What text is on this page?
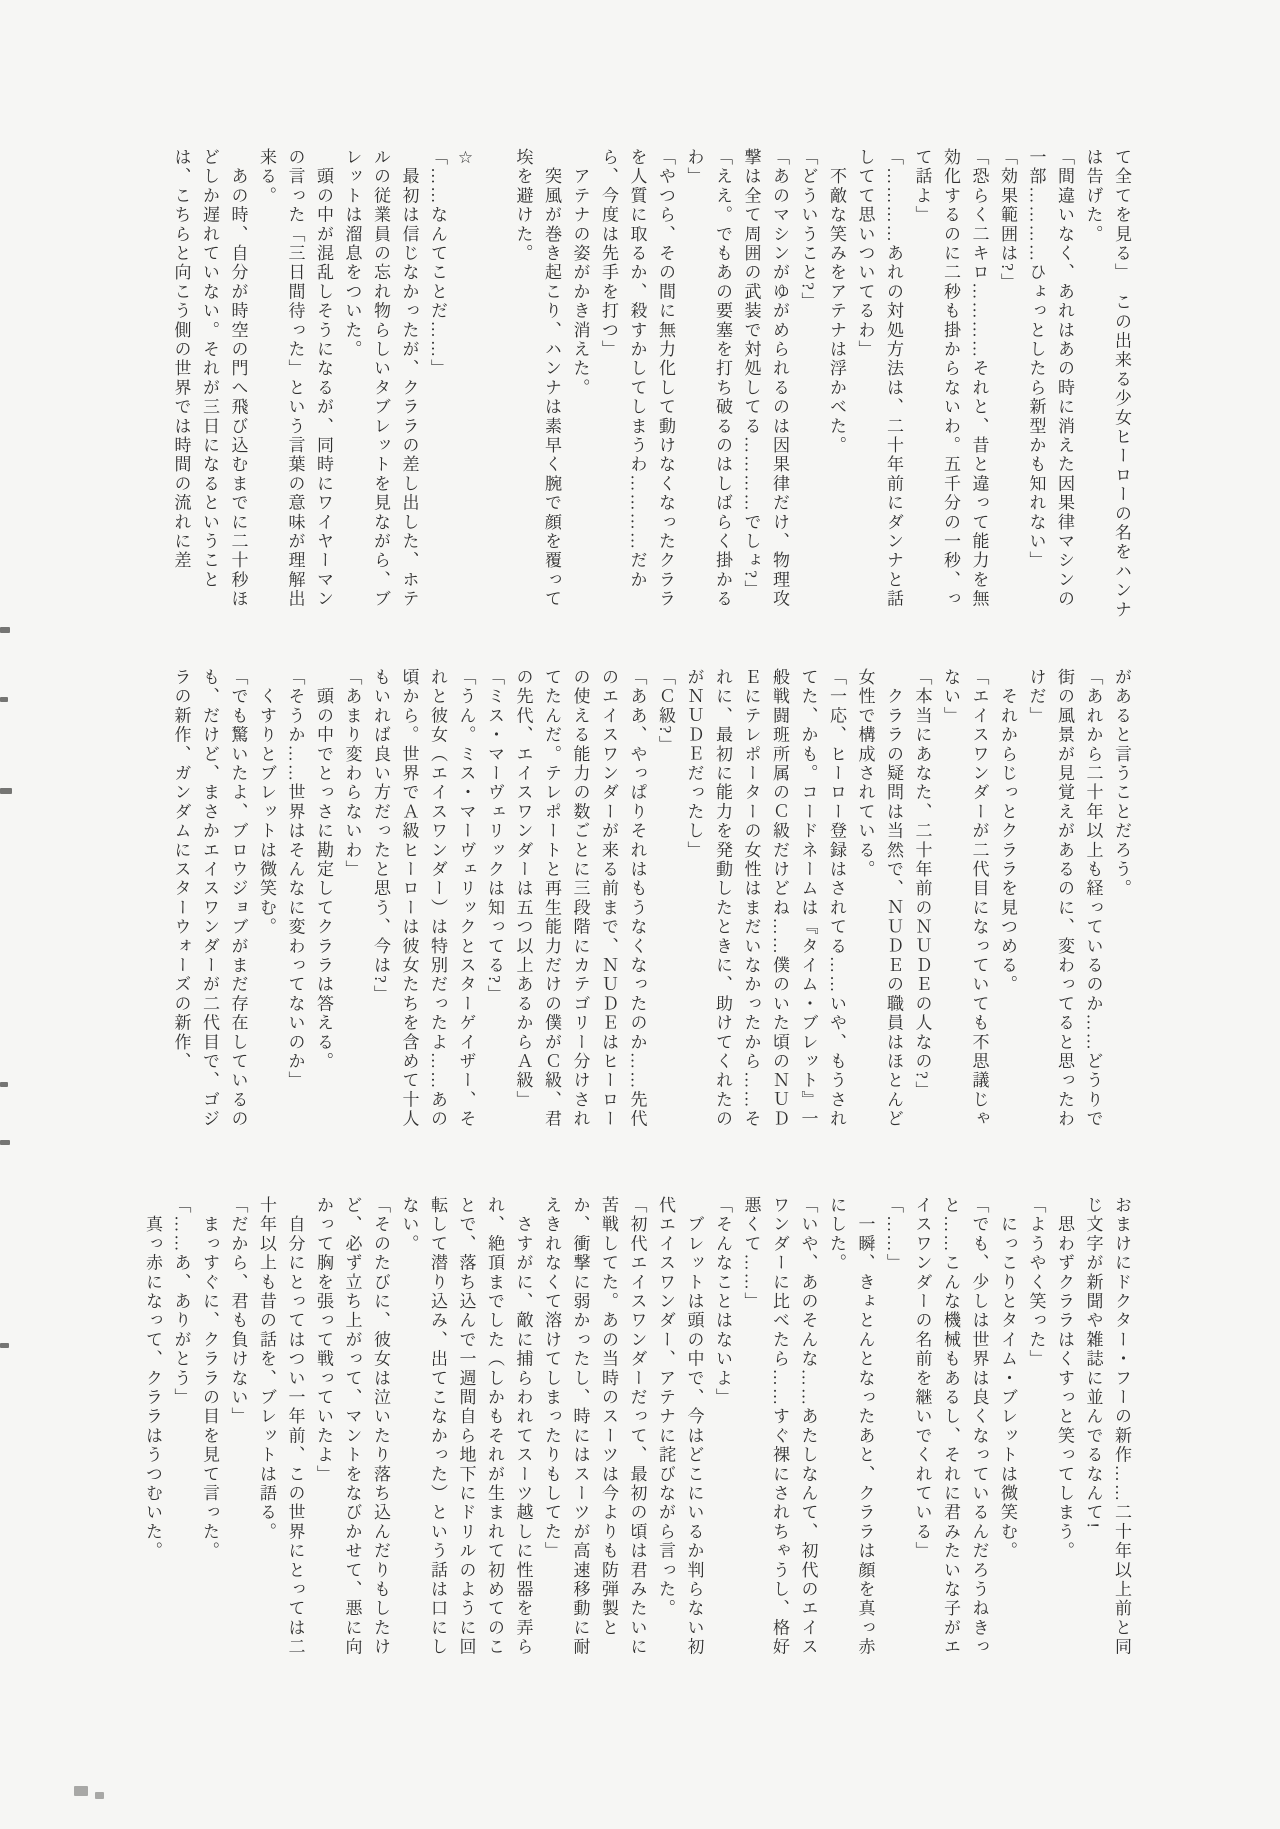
て全てを見る」　この出来る少女ヒーローの名をハンナは告げた。

「間違いなく、あれはあの時に消えた因果律マシンの一部…………ひょっとしたら新型かも知れない」

「効果範囲は?」

「恐らく二キロ…………それと、昔と違って能力を無効化するのに二秒も掛からないわ。五千分の一秒、って話よ」

「…………あれの対処方法は、二十年前にダンナと話してて思いついてるわ」

　不敵な笑みをアテナは浮かべた。

「どういうこと?」

「あのマシンがゆがめられるのは因果律だけ、物理攻撃は全て周囲の武装で対処してる…………でしょ?」

「ええ。でもあの要塞を打ち破るのはしばらく掛かるわ」

「やつら、その間に無力化して動けなくなったクララを人質に取るか、殺すかしてしまうわ…………だから、今度は先手を打つ」

　アテナの姿がかき消えた。

　突風が巻き起こり、ハンナは素早く腕で顔を覆って埃を避けた。

☆

「……なんてことだ……」

　最初は信じなかったが、クララの差し出した、ホテルの従業員の忘れ物らしいタブレットを見ながら、ブレットは溜息をついた。

　頭の中が混乱しそうになるが、同時にワイヤーマンの言った「三日間待った」という言葉の意味が理解出来る。

　あの時、自分が時空の門へ飛び込むまでに二十秒ほどしか遅れていない。それが三日になるということは、こちらと向こう側の世界では時間の流れに差

があると言うことだろう。

「あれから二十年以上も経っているのか……どうりで街の風景が見覚えがあるのに、変わってると思ったわけだ」

　それからじっとクララを見つめる。

「エイスワンダーが二代目になっていても不思議じゃない」

「本当にあなた、二十年前のＮＵＤＥの人なの?」

　クララの疑問は当然で、ＮＵＤＥの職員はほとんど女性で構成されている。

「一応、ヒーロー登録はされてる……いや、もうされてた、かも。コードネームは『タイム・ブレット』一般戦闘班所属のＣ級だけどね……僕のいた頃のＮＵＤＥにテレポーターの女性はまだいなかったから……それに、最初に能力を発動したときに、助けてくれたのがＮＵＤＥだったし」

「Ｃ級?」

「ああ、やっぱりそれはもうなくなったのか……先代のエイスワンダーが来る前まで、ＮＵＤＥはヒーローの使える能力の数ごとに三段階にカテゴリー分けされてたんだ。テレポートと再生能力だけの僕がＣ級、君の先代、エイスワンダーは五つ以上あるからＡ級」

「ミス・マーヴェリックは知ってる?」

「うん。ミス・マーヴェリックとスターゲイザー、それと彼女（エイスワンダー）は特別だったよ……あの頃から。世界でＡ級ヒーローは彼女たちを含めて十人もいれば良い方だったと思う、今は?」

「あまり変わらないわ」

　頭の中でとっさに勘定してクララは答える。

「そうか……世界はそんなに変わってないのか」

　くすりとブレットは微笑む。

「でも驚いたよ、ブロウジョブがまだ存在しているのも、だけど、まさかエイスワンダーが二代目で、ゴジラの新作、ガンダムにスターウォーズの新作、

おまけにドクター・フーの新作……二十年以上前と同じ文字が新聞や雑誌に並んでるなんて!

　思わずクララはくすっと笑ってしまう。

「ようやく笑った」

　にっこりとタイム・ブレットは微笑む。

「でも、少しは世界は良くなっているんだろうねきっと……こんな機械もあるし、それに君みたいな子がエイスワンダーの名前を継いでくれている」

「……」

　一瞬、きょとんとなったあと、クララは顔を真っ赤にした。

「いや、あのそんな……あたしなんて、初代のエイスワンダーに比べたら……すぐ裸にされちゃうし、格好悪くて……」

「そんなことはないよ」

　ブレットは頭の中で、今はどこにいるか判らない初代エイスワンダー、アテナに詫びながら言った。

「初代エイスワンダーだって、最初の頃は君みたいに苦戦してた。あの当時のスーツは今よりも防弾製とか、衝撃に弱かったし、時にはスーツが高速移動に耐えきれなくて溶けてしまったりもしてた」

　さすがに、敵に捕らわれてスーツ越しに性器を弄られ、絶頂までした（しかもそれが生まれて初めてのことで、落ち込んで一週間自ら地下にドリルのように回転して潜り込み、出てこなかった）という話は口にしない。

「そのたびに、彼女は泣いたり落ち込んだりもしたけど、必ず立ち上がって、マントをなびかせて、悪に向かって胸を張って戦っていたよ」

　自分にとってはつい一年前、この世界にとっては二十年以上も昔の話を、ブレットは語る。

「だから、君も負けない」

　まっすぐに、クララの目を見て言った。

「……あ、ありがとう」

　真っ赤になって、クララはうつむいた。
